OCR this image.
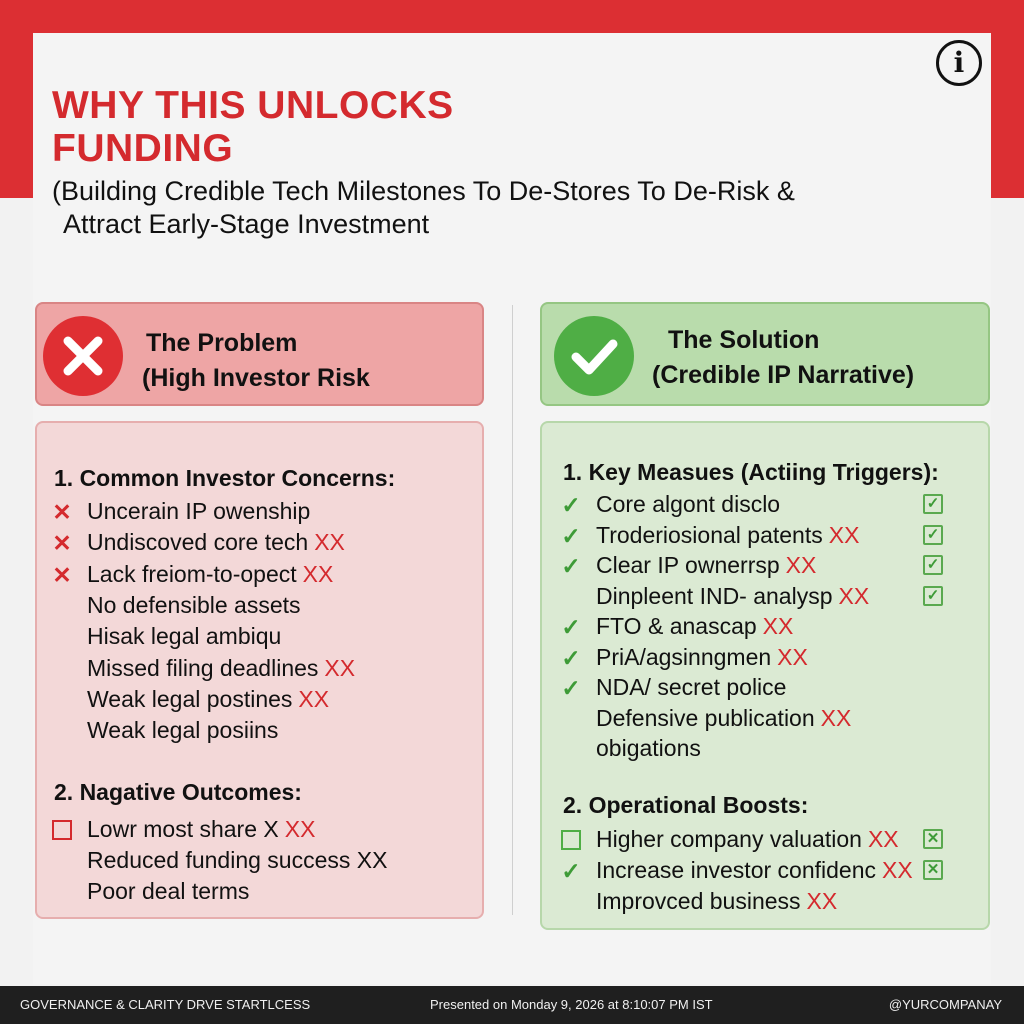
i
WHY THIS UNLOCKS
FUNDING
(Building Credible Tech Milestones To De-Stores To De-Risk &
Attract Early-Stage Investment
The Problem
(High Investor Risk
The Solution
(Credible IP Narrative)
1. Common Investor Concerns:
✕ Uncerain IP owenship
✕ Undiscoved core tech XX
✕ Lack freiom-to-opect XX
No defensible assets
Hisak legal ambiqu
Missed filing deadlines XX
Weak legal postines XX
Weak legal posiins
2. Nagative Outcomes:
Lowr most share X XX
Reduced funding success XX
Poor deal terms
1. Key Measues (Actiing Triggers):
✓ Core algont disclo	✓
✓ Troderiosional patents XX	✓
✓ Clear IP ownerrsp XX	✓
Dinpleent IND- analysp XX	✓
✓ FTO & anascap XX
✓ PriA/agsinngmen XX
✓ NDA/ secret police
Defensive publication XX
obigations
2. Operational Boosts:
Higher company valuation XX ✕
✓ Increase investor confidenc XX ✕
Improvced business XX
GOVERNANCE & CLARITY DRVE STARTLCESS	Presented on Monday 9, 2026 at 8:10:07 PM IST	@YURCOMPANAY
